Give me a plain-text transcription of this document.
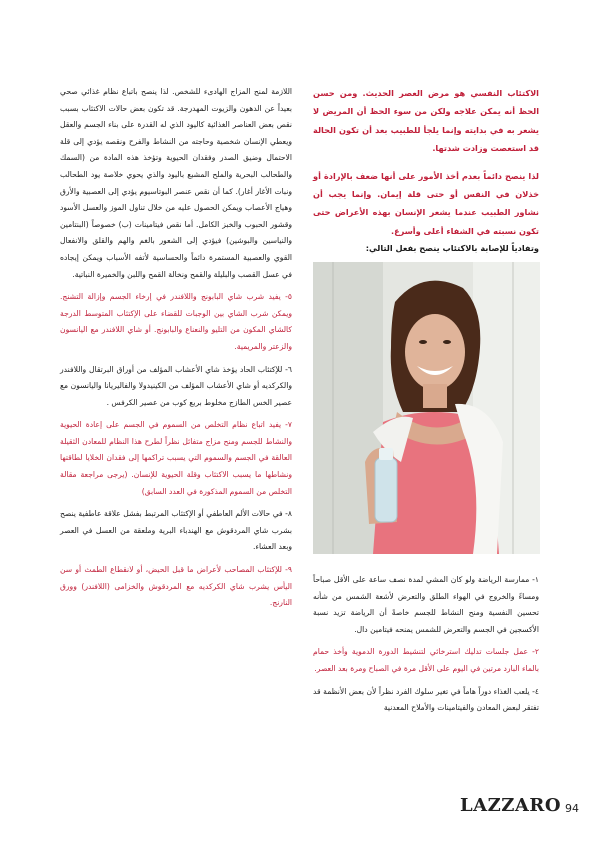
الاكتئاب النفسي هو مرض العصر الحديث. ومن حسن الحظ أنه يمكن علاجه ولكن من سوء الحظ أن المريض لا يشعر به في بدايته وإنما يلجأ للطبيب بعد أن تكون الحالة قد استعصت وزادت شدتها.

لذا ينصح دائماً بعدم أخذ الأمور على أنها ضعف بالإرادة أو خذلان في النفس أو حتى قلة إيمان. وإنما يجب أن نشاور الطبيب عندما يشعر الإنسان بهذه الأعراض حتى تكون نسبته في الشفاء أعلى وأسرع.

وتفادياً للإصابة بالاكتئاب ينصح بفعل التالي:

١- ممارسة الرياضة ولو كان المشي لمدة نصف ساعة على الأقل صباحاً ومساءً والخروج في الهواء الطلق والتعرض لأشعة الشمس من شأنه تحسين النفسية ومنح النشاط للجسم خاصةً أن الرياضة تزيد نسبة الأكسجين في الجسم والتعرض للشمس يمنحه فيتامين دال.

٢- عمل جلسات تدليك استرخائي لتنشيط الدورة الدموية وأخذ حمام بالماء البارد مرتين في اليوم على الأقل مرة في الصباح ومرة بعد العصر.

٤- يلعب الغذاء دوراً هاماً في تغير سلوك الفرد نظراً لأن بعض الأنظمة قد تفتقر لبعض المعادن والفيتامينات والأملاح المعدنية

اللازمة لمنح المزاج الهادىء للشخص. لذا ينصح باتباع نظام غذائي صحي بعيداً عن الدهون والزيوت المهدرجة. قد تكون بعض حالات الاكتئاب بسبب نقص بعض العناصر الغذائية كاليود الذي له القدرة على بناء الجسم والعقل ويعطي الإنسان شخصية وحاجته من النشاط والفرح ونقصه يؤدي إلى قلة الاحتمال وضيق الصدر وفقدان الحيوية وتؤخذ هذه المادة من (السمك والطحالب البحرية والملح المشبع باليود والذي يحوي خلاصة يود الطحالب ونبات الأغار أغار). كما أن نقص عنصر البوتاسيوم يؤدي إلى العصبية والأرق وهياج الأعصاب ويمكن الحصول عليه من خلال تناول الموز والعسل الأسود وقشور الحبوب والخبز الكامل. أما نقص فيتامينات (ب) خصوصاً (البنتامين والنياسين والبوشين) فيؤدي إلى الشعور بالغم والهم والقلق والانفعال القوي والعصبية المستمرة دائماً والحساسية لأتفه الأسباب ويمكن إيجاده في عسل القصب والبليلة والقمح ونخالة القمح واللبن والخميرة النباتية.

٥- يفيد شرب شاي البابونج واللافندر في إرخاء الجسم وإزالة التشنج. ويمكن شرب الشاي بين الوجبات للقضاء على الإكتئاب المتوسط الدرجة كالشاي المكون من التليو والنعناع والبابونج. أو شاي اللافندر مع اليانسون والزعتر والمريمية.

٦- للإكتئاب الحاد يؤخذ شاي الأعشاب المؤلف من أوراق البرتقال واللافندر والكركديه أو شاي الأعشاب المؤلف من الكينيدولا والفاليريانا واليانسون مع عصير الخس الطازج مخلوط بربع كوب من عصير الكرفس .

٧- يفيد اتباع نظام التخلص من السموم في الجسم على إعادة الحيوية والنشاط للجسم ومنح مزاج متفائل نظراً لطرح هذا النظام للمعادن الثقيلة العالقة في الجسم والسموم التي يسبب تراكمها إلى فقدان الخلايا لطاقتها ونشاطها ما يسبب الاكتئاب وقلة الحيوية للإنسان. (يرجى مراجعة مقالة التخلص من السموم المذكورة في العدد السابق)

٨- في حالات الألم العاطفي أو الإكتئاب المرتبط بفشل علاقة عاطفية ينصح بشرب شاي المردقوش مع الهندباء البرية وملعقة من العسل في العصر وبعد العشاء.

٩- للإكتئاب المصاحب لأعراض ما قبل الحيض، أو لانقطاع الطمث أو سن اليأس يشرب شاي الكركديه مع المردقوش والخزامى (اللافندر) وورق النارنج.

LAZZARO 94
